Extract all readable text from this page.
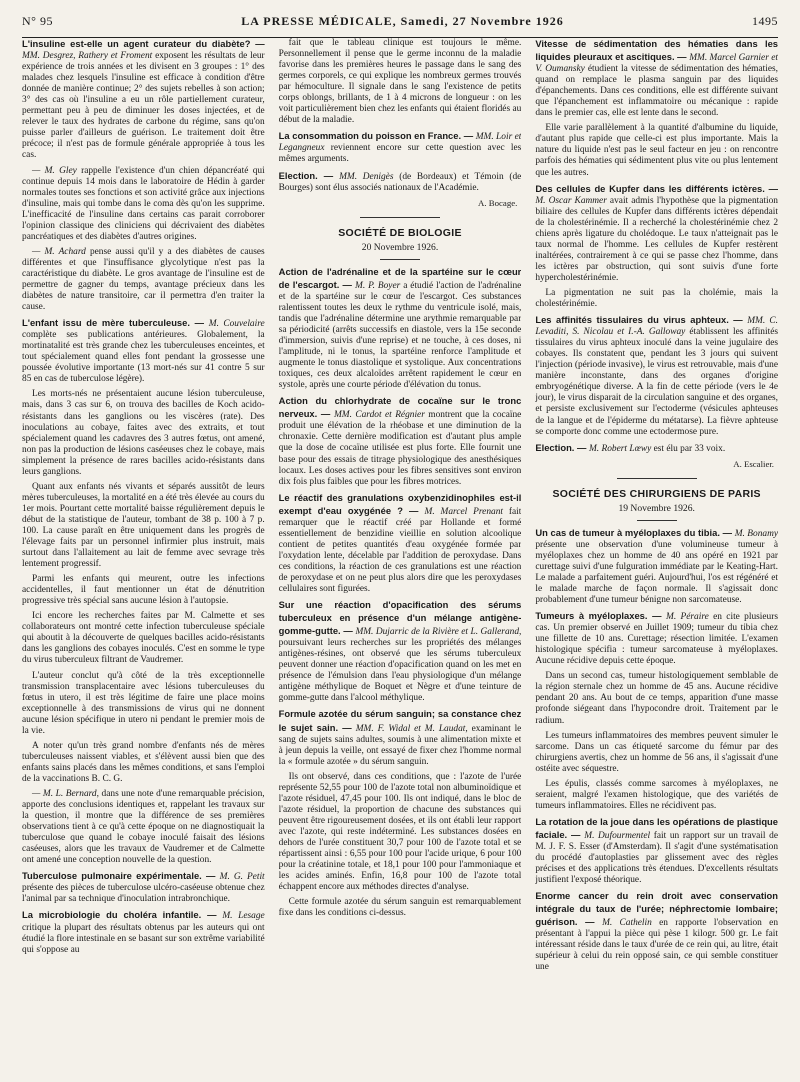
N° 95	LA PRESSE MÉDICALE, Samedi, 27 Novembre 1926	1495

L'insuline est-elle un agent curateur du diabète? — MM. Desgrez, Rathery et Froment exposent les résultats de leur expérience de trois années et les divisent en 3 groupes : 1° des malades chez lesquels l'insuline est efficace à condition d'être donnée de manière continue; 2° des sujets rebelles à son action; 3° des cas où l'insuline a eu un rôle partiellement curateur, permettant peu à peu de diminuer les doses injectées, et de relever le taux des hydrates de carbone du régime, sans qu'on puisse parler d'ailleurs de guérison. Le traitement doit être précoce; il n'est pas de formule générale appropriée à tous les cas.

— M. Gley rappelle l'existence d'un chien dépancréaté qui continue depuis 14 mois dans le laboratoire de Hédin à garder normales toutes ses fonctions et son activité grâce aux injections d'insuline, mais qui tombe dans le coma dès qu'on les supprime. L'inefficacité de l'insuline dans certains cas parait corroborer l'opinion classique des cliniciens qui décrivaient des diabètes pancréatiques et des diabètes d'autres origines.

— M. Achard pense aussi qu'il y a des diabètes de causes différentes et que l'insuffisance glycolytique n'est pas la caractéristique du diabète. Le gros avantage de l'insuline est de permettre de gagner du temps, avantage précieux dans les diabètes de nature transitoire, car il permettra d'en traiter la cause.

L'enfant issu de mère tuberculeuse. — M. Couvelaire complète ses publications antérieures. Globalement, la mortinatalité est très grande chez les tuberculeuses enceintes, et tout spécialement quand elles font pendant la grossesse une poussée évolutive importante (13 mort-nés sur 41 contre 5 sur 85 en cas de tuberculose légère).

Les morts-nés ne présentaient aucune lésion tuberculeuse, mais, dans 3 cas sur 6, on trouva des bacilles de Koch acido-résistants dans les ganglions ou les viscères (rate). Des inoculations au cobaye, faites avec des extraits, et tout spécialement quand les cadavres des 3 autres fœtus, ont amené, non pas la production de lésions caséeuses chez le cobaye, mais simplement la présence de rares bacilles acido-résistants dans leurs ganglions.

Quant aux enfants nés vivants et séparés aussitôt de leurs mères tuberculeuses, la mortalité en a été très élevée au cours du 1er mois. Pourtant cette mortalité baisse régulièrement depuis le début de la statistique de l'auteur, tombant de 38 p. 100 à 7 p. 100. La cause paraît en être uniquement dans les progrès de l'élevage faits par un personnel infirmier plus instruit, mais surtout dans l'allaitement au lait de femme avec sevrage très lentement progressif.

Parmi les enfants qui meurent, outre les infections accidentelles, il faut mentionner un état de dénutrition progressive très spécial sans aucune lésion à l'autopsie.

Ici encore les recherches faites par M. Calmette et ses collaborateurs ont montré cette infection tuberculeuse spéciale qui aboutit à la découverte de quelques bacilles acido-résistants dans les ganglions des cobayes inoculés. C'est en somme le type du virus tuberculeux filtrant de Vaudremer.

L'auteur conclut qu'à côté de la très exceptionnelle transmission transplacentaire avec lésions tuberculeuses du fœtus in utero, il est très légitime de faire une place moins exceptionnelle à des transmissions de virus qui ne donnent aucune lésion spécifique in utero ni pendant le premier mois de la vie.

A noter qu'un très grand nombre d'enfants nés de mères tuberculeuses naissent viables, et s'élèvent aussi bien que des enfants sains placés dans les mêmes conditions, et sans l'emploi de la vaccinations B. C. G.

— M. L. Bernard, dans une note d'une remarquable précision, apporte des conclusions identiques et, rappelant les travaux sur la question, il montre que la différence de ses premières observations tient à ce qu'à cette époque on ne diagnostiquait la tuberculose que quand le cobaye inoculé faisait des lésions caséeuses, alors que les travaux de Vaudremer et de Calmette ont amené une conception nouvelle de la question.

Tuberculose pulmonaire expérimentale. — M. G. Petit présente des pièces de tuberculose ulcéro-caséeuse obtenue chez l'animal par sa technique d'inoculation intrabronchique.

La microbiologie du choléra infantile. — M. Lesage critique la plupart des résultats obtenus par les auteurs qui ont étudié la flore intestinale en se basant sur son extrême variabilité qui s'oppose au

fait que le tableau clinique est toujours le même. Personnellement il pense que le germe inconnu de la maladie favorise dans les premières heures le passage dans le sang des germes corporels, ce qui explique les nombreux germes trouvés par hémoculture. Il signale dans le sang l'existence de petits corps oblongs, brillants, de 1 à 4 microns de longueur : on les voit particulièrement bien chez les enfants qui étaient floridés au début de la maladie.

La consommation du poisson en France. — MM. Loir et Legangneux reviennent encore sur cette question avec les mêmes arguments.

Election. — MM. Denigès (de Bordeaux) et Témoin (de Bourges) sont élus associés nationaux de l'Académie.

A. Bocage.
SOCIÉTÉ DE BIOLOGIE
20 Novembre 1926.

Action de l'adrénaline et de la spartéine sur le cœur de l'escargot. — M. P. Boyer a étudié l'action de l'adrénaline et de la spartéine sur le cœur de l'escargot. Ces substances ralentissent toutes les deux le rythme du ventricule isolé, mais, tandis que l'adrénaline détermine une arythmie remarquable par sa périodicité (arrêts successifs en diastole, vers la 15e seconde d'immersion, suivis d'une reprise) et ne touche, à ces doses, ni l'amplitude, ni le tonus, la spartéine renforce l'amplitude et augmente le tonus diastolique et systolique. Aux concentrations toxiques, ces deux alcaloïdes arrêtent rapidement le cœur en systole, après une courte période d'élévation du tonus.

Action du chlorhydrate de cocaïne sur le tronc nerveux. — MM. Cardot et Régnier montrent que la cocaïne produit une élévation de la rhéobase et une diminution de la chronaxie. Cette dernière modification est d'autant plus ample que la dose de cocaïne utilisée est plus forte. Elle fournit une base pour des essais de titrage physiologique des anesthésiques locaux. Les doses actives pour les fibres sensitives sont environ dix fois plus faibles que pour les fibres motrices.

Le réactif des granulations oxybenzidinophiles est-il exempt d'eau oxygénée ? — M. Marcel Prenant fait remarquer que le réactif créé par Hollande et formé essentiellement de benzidine vieillie en solution alcoolique contient de petites quantités d'eau oxygénée formée par l'oxydation lente, décelable par l'addition de peroxydase. Dans ces conditions, la réaction de ces granulations est une réaction de peroxydase et on ne peut plus alors dire que les peroxydases cellulaires sont figurées.

Sur une réaction d'opacification des sérums tuberculeux en présence d'un mélange antigène-gomme-gutte. — MM. Dujarric de la Rivière et L. Gallerand, poursuivant leurs recherches sur les propriétés des mélanges antigènes-résines, ont observé que les sérums tuberculeux peuvent donner une réaction d'opacification quand on les met en présence de l'émulsion dans l'eau physiologique d'un mélange antigène méthylique de Boquet et Nègre et d'une teinture de gomme-gutte dans l'alcool méthylique.

Formule azotée du sérum sanguin; sa constance chez le sujet sain. — MM. F. Widal et M. Laudat, examinant le sang de sujets sains adultes, soumis à une alimentation mixte et à jeun depuis la veille, ont essayé de fixer chez l'homme normal la « formule azotée » du sérum sanguin.

Ils ont observé, dans ces conditions, que : l'azote de l'urée représente 52,55 pour 100 de l'azote total non albuminoïdique et l'azote résiduel, 47,45 pour 100. Ils ont indiqué, dans le bloc de l'azote résiduel, la proportion de chacune des substances qui peuvent être rigoureusement dosées, et ils ont établi leur rapport avec l'azote, qui reste indéterminé. Les substances dosées en dehors de l'urée constituent 30,7 pour 100 de l'azote total et se répartissent ainsi : 6,55 pour 100 pour l'acide urique, 6 pour 100 pour la créatinine totale, et 18,1 pour 100 pour l'ammoniaque et les acides aminés. Enfin, 16,8 pour 100 de l'azote total échappent encore aux méthodes directes d'analyse.

Cette formule azotée du sérum sanguin est remarquablement fixe dans les conditions ci-dessus.

Vitesse de sédimentation des hématies dans les liquides pleuraux et ascitiques. — MM. Marcel Garnier et V. Oumansky étudient la vitesse de sédimentation des hématies, quand on remplace le plasma sanguin par des liquides d'épanchements. Dans ces conditions, elle est différente suivant que l'épanchement est inflammatoire ou mécanique : rapide dans le premier cas, elle est lente dans le second.

Elle varie parallèlement à la quantité d'albumine du liquide, d'autant plus rapide que celle-ci est plus importante. Mais la nature du liquide n'est pas le seul facteur en jeu : on rencontre parfois des hématies qui sédimentent plus vite ou plus lentement que les autres.

Des cellules de Kupfer dans les différents ictères. — M. Oscar Kammer avait admis l'hypothèse que la pigmentation biliaire des cellules de Kupfer dans différents ictères dépendait de la cholestérinémie. Il a recherché la cholestérinémie chez 2 chiens après ligature du cholédoque. Le taux n'atteignait pas le taux normal de l'homme. Les cellules de Kupfer restèrent inaltérées, contrairement à ce qui se passe chez l'homme, dans les ictères par obstruction, qui sont suivis d'une forte hypercholestérinémie.

La pigmentation ne suit pas la cholémie, mais la cholestérinémie.

Les affinités tissulaires du virus aphteux. — MM. C. Levaditi, S. Nicolau et I.-A. Galloway établissent les affinités tissulaires du virus aphteux inoculé dans la veine jugulaire des cobayes. Ils constatent que, pendant les 3 jours qui suivent l'injection (période invasive), le virus est retrouvable, mais d'une manière inconstante, dans des organes d'origine embryogénétique diverse. A la fin de cette période (vers le 4e jour), le virus disparait de la circulation sanguine et des organes, et persiste exclusivement sur l'ectoderme (vésicules aphteuses de la langue et de l'épiderme du métatarse). La fièvre aphteuse se comporte donc comme une ectodermose pure.

Election. — M. Robert Lœwy est élu par 33 voix.

A. Escalier.
SOCIÉTÉ DES CHIRURGIENS DE PARIS
19 Novembre 1926.

Un cas de tumeur à myéloplaxes du tibia. — M. Bonamy présente une observation d'une volumineuse tumeur à myéloplaxes chez un homme de 40 ans opéré en 1921 par curettage suivi d'une fulguration immédiate par le Keating-Hart. Le malade a parfaitement guéri. Aujourd'hui, l'os est régénéré et le malade marche de façon normale. Il s'agissait donc probablement d'une tumeur bénigne non sarcomateuse.

Tumeurs à myéloplaxes. — M. Péraire en cite plusieurs cas. Un premier observé en Juillet 1909; tumeur du tibia chez une fillette de 10 ans. Curettage; résection limitée. L'examen histologique spécifia : tumeur sarcomateuse à myéloplaxes. Aucune récidive depuis cette époque.

Dans un second cas, tumeur histologiquement semblable de la région sternale chez un homme de 45 ans. Aucune récidive pendant 20 ans. Au bout de ce temps, apparition d'une masse profonde siégeant dans l'hypocondre droit. Traitement par le radium.

Les tumeurs inflammatoires des membres peuvent simuler le sarcome. Dans un cas étiqueté sarcome du fémur par des chirurgiens avertis, chez un homme de 56 ans, il s'agissait d'une ostéite avec séquestre.

Les épulis, classés comme sarcomes à myéloplaxes, ne seraient, malgré l'examen histologique, que des variétés de tumeurs inflammatoires. Elles ne récidivent pas.

La rotation de la joue dans les opérations de plastique faciale. — M. Dufourmentel fait un rapport sur un travail de M. J. F. S. Esser (d'Amsterdam). Il s'agit d'une systématisation du procédé d'autoplasties par glissement avec des règles précises et des applications très étendues. D'excellents résultats justifient l'exposé théorique.

Enorme cancer du rein droit avec conservation intégrale du taux de l'urée; néphrectomie lombaire; guérison. — M. Cathelin en rapporte l'observation en présentant à l'appui la pièce qui pèse 1 kilogr. 500 gr. Le fait intéressant réside dans le taux d'urée de ce rein qui, au litre, était supérieur à celui du rein opposé sain, ce qui semble constituer une
